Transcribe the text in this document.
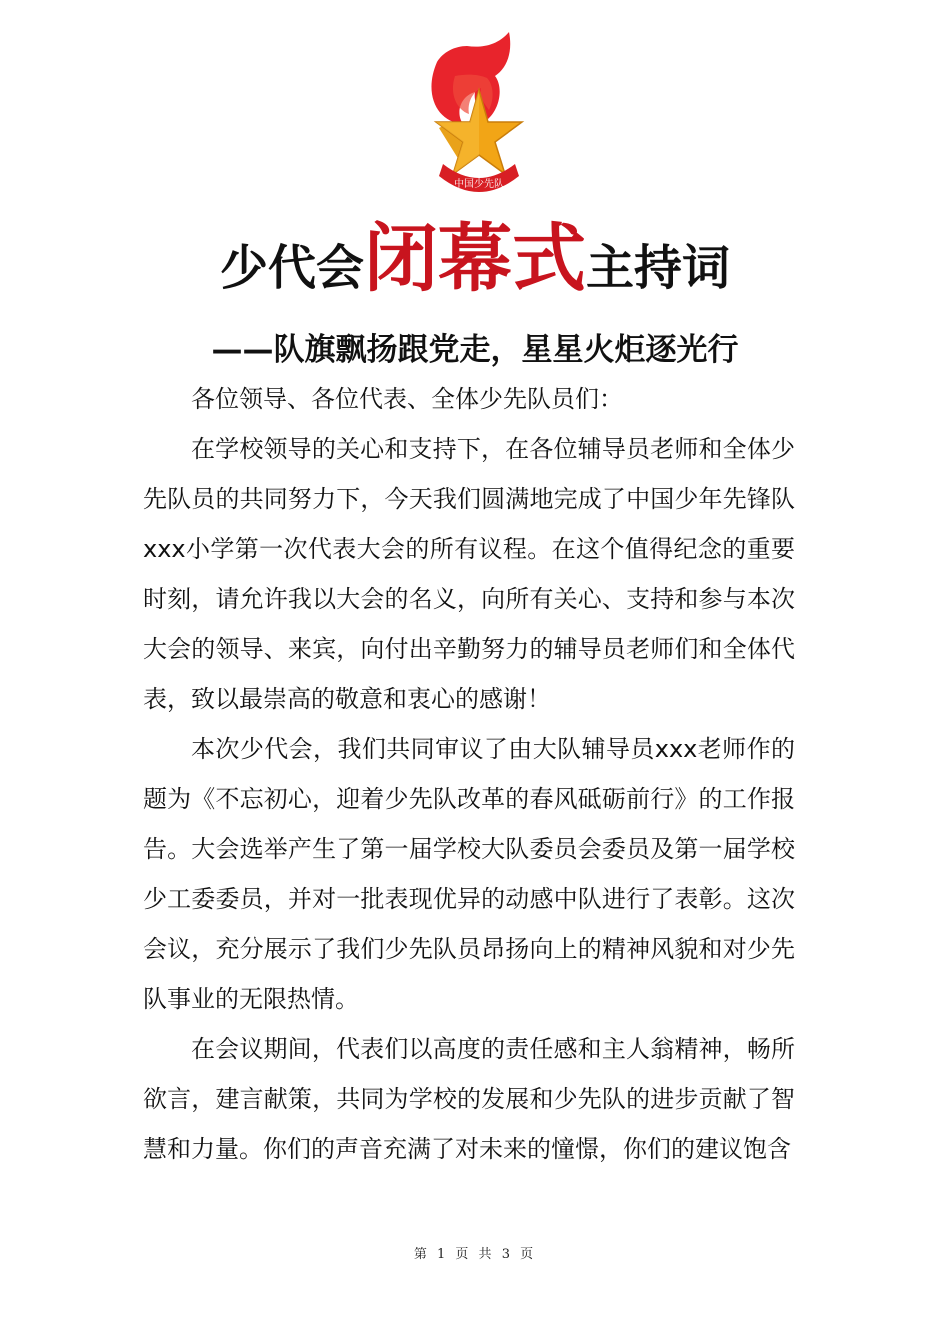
中国少先队
少代会闭幕式主持词
——队旗飘扬跟党走，星星火炬逐光行

各位领导、各位代表、全体少先队员们：

在学校领导的关心和支持下，在各位辅导员老师和全体少先队员的共同努力下，今天我们圆满地完成了中国少年先锋队xxx小学第一次代表大会的所有议程。在这个值得纪念的重要时刻，请允许我以大会的名义，向所有关心、支持和参与本次大会的领导、来宾，向付出辛勤努力的辅导员老师们和全体代表，致以最崇高的敬意和衷心的感谢！

本次少代会，我们共同审议了由大队辅导员xxx老师作的题为《不忘初心，迎着少先队改革的春风砥砺前行》的工作报告。大会选举产生了第一届学校大队委员会委员及第一届学校少工委委员，并对一批表现优异的动感中队进行了表彰。这次会议，充分展示了我们少先队员昂扬向上的精神风貌和对少先队事业的无限热情。

在会议期间，代表们以高度的责任感和主人翁精神，畅所欲言，建言献策，共同为学校的发展和少先队的进步贡献了智慧和力量。你们的声音充满了对未来的憧憬，你们的建议饱含

第 1 页 共 3 页
